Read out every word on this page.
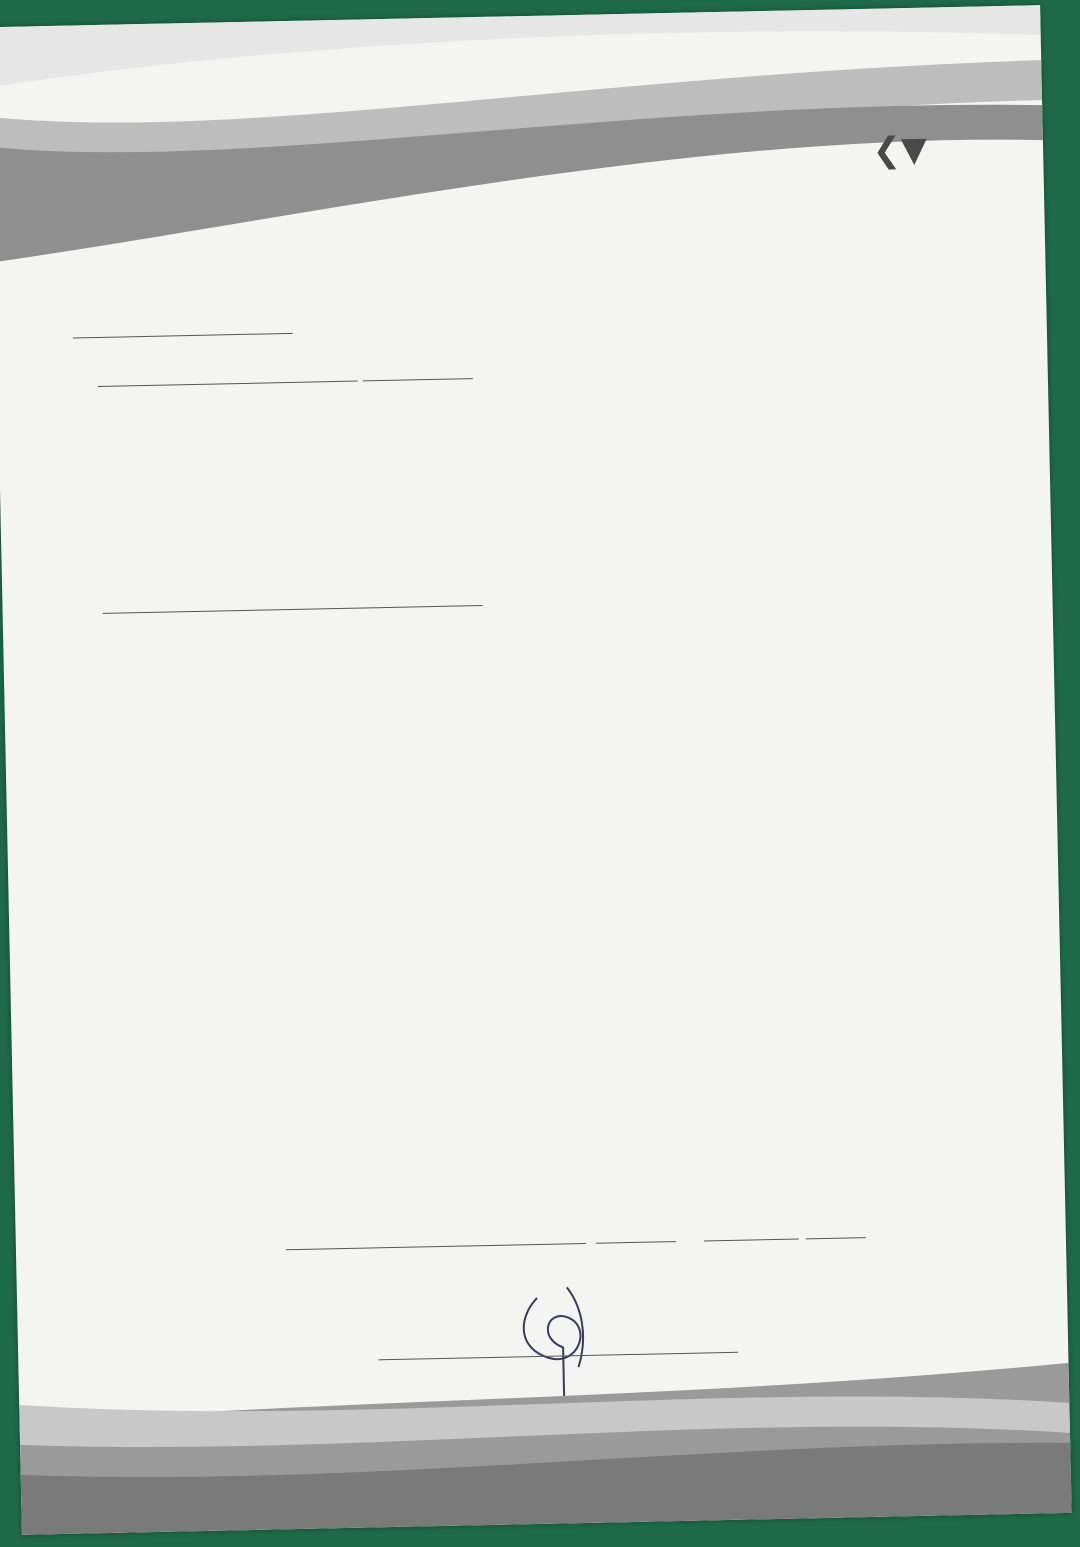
❮▼
